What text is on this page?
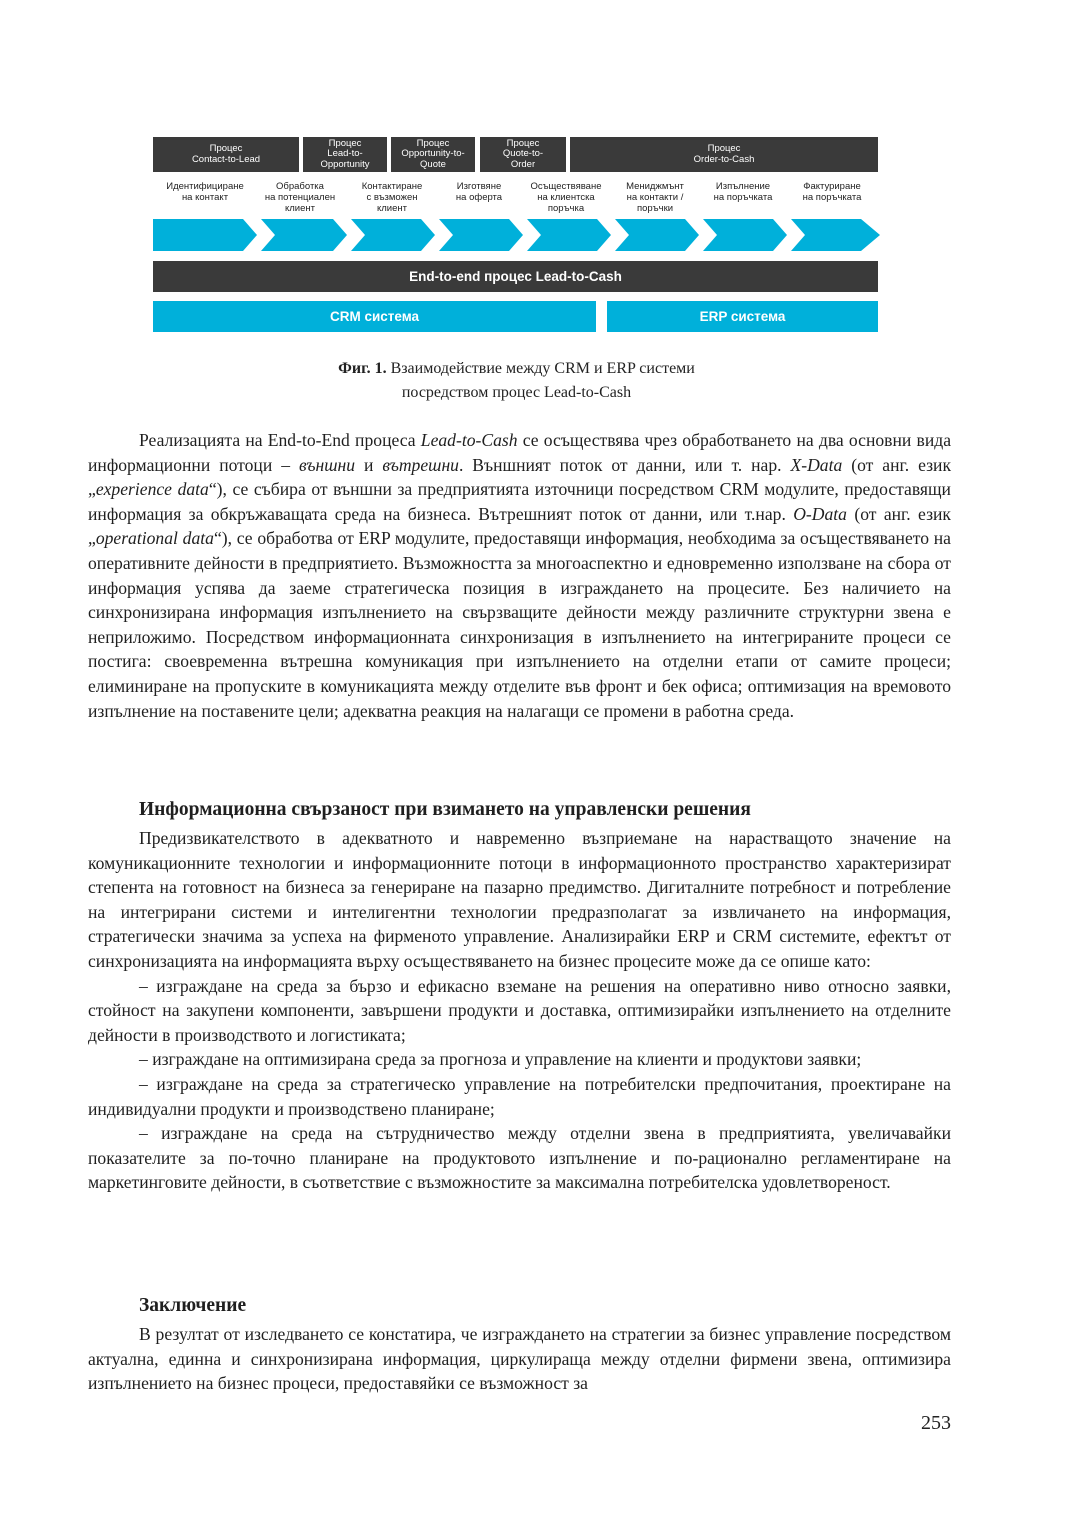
Процес
Contact-to-Lead
Процес
Lead-to-
Opportunity
Процес
Opportunity-to-
Quote
Процес
Quote-to-
Order
Процес
Order-to-Cash
Идентифициране
на контакт
Обработка
на потенциален
клиент
Контактиране
с възможен
клиент
Изготвяне
на оферта
Осъществяване
на клиентска
поръчка
Мениджмънт
на контакти /
поръчки
Изпълнение
на поръчката
Фактуриране
на поръчката
End-to-end процес Lead-to-Cash
CRM система	ERP система
Фиг. 1. Взаимодействие между CRM и ERP системи
посредством процес Lead-to-Cash

Реализацията на End-to-End процеса Lead-to-Cash се осъществява чрез обработването на два основни вида информационни потоци – външни и вътрешни. Външният поток от данни, или т. нар. X-Data (от анг. език „experience data“), се събира от външни за предприятията източници посредством CRM модулите, предоставящи информация за обкръжаващата среда на бизнеса. Вътрешният поток от данни, или т.нар. O-Data (от анг. език „operational data“), се обработва от ERP модулите, предоставящи информация, необходима за осъществяването на оперативните дейности в предприятието. Възможността за многоаспектно и едновременно използване на сбора от информация успява да заеме стратегическа позиция в изграждането на процесите. Без наличието на синхронизирана информация изпълнението на свързващите дейности между различните структурни звена е неприложимо. Посредством информационната синхронизация в изпълнението на интегрираните процеси се постига: своевременна вътрешна комуникация при изпълнението на отделни етапи от самите процеси; елиминиране на пропуските в комуникацията между отделите във фронт и бек офиса; оптимизация на времовото изпълнение на поставените цели; адекватна реакция на налагащи се промени в работна среда.

Информационна свързаност при взимането на управленски решения

Предизвикателството в адекватното и навременно възприемане на нарастващото значение на комуникационните технологии и информационните потоци в информационното пространство характеризират степента на готовност на бизнеса за генериране на пазарно предимство. Дигиталните потребност и потребление на интегрирани системи и интелигентни технологии предразполагат за извличането на информация, стратегически значима за успеха на фирменото управление. Анализирайки ERP и CRM системите, ефектът от синхронизацията на информацията върху осъществяването на бизнес процесите може да се опише като:

– изграждане на среда за бързо и ефикасно вземане на решения на оперативно ниво относно заявки, стойност на закупени компоненти, завършени продукти и доставка, оптимизирайки изпълнението на отделните дейности в производството и логистиката;

– изграждане на оптимизирана среда за прогноза и управление на клиенти и продуктови заявки;

– изграждане на среда за стратегическо управление на потребителски предпочитания, проектиране на индивидуални продукти и производствено планиране;

– изграждане на среда на сътрудничество между отделни звена в предприятията, увеличавайки показателите за по-точно планиране на продуктовото изпълнение и по-рационално регламентиране на маркетинговите дейности, в съответствие с възможностите за максимална потребителска удовлетвореност.

Заключение

В резултат от изследването се констатира, че изграждането на стратегии за бизнес управление посредством актуална, единна и синхронизирана информация, циркулираща между отделни фирмени звена, оптимизира изпълнението на бизнес процеси, предоставяйки се възможност за

253
